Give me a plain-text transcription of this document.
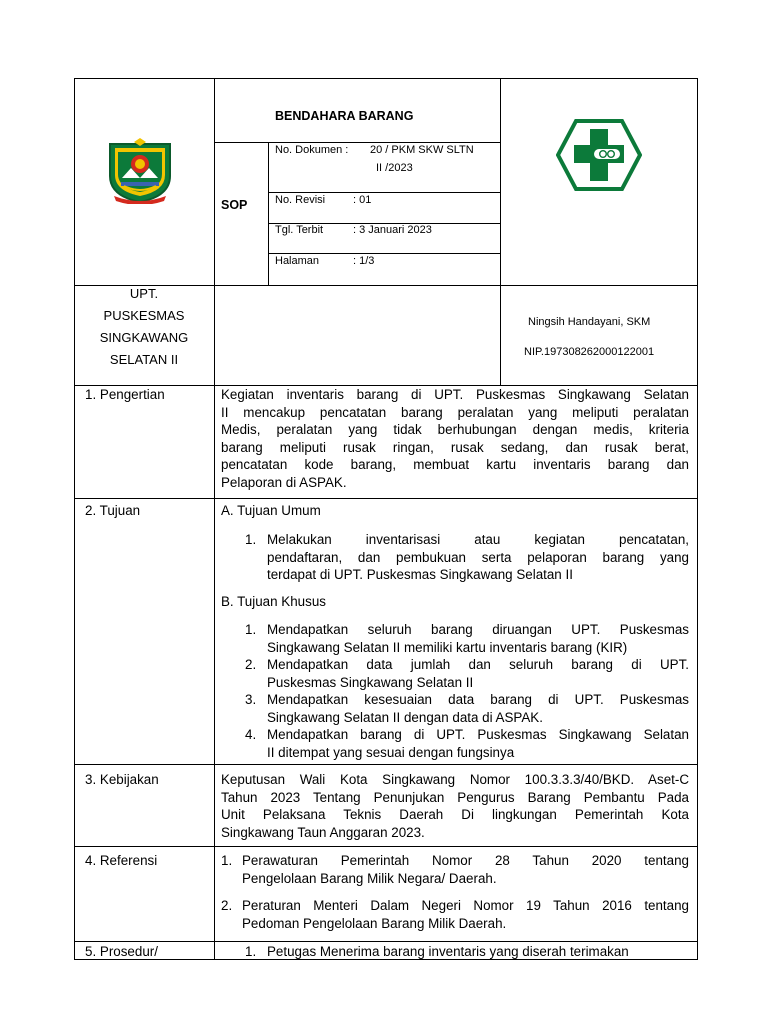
BENDAHARA BARANG
SOP
No. Dokumen : 20 / PKM SKW SLTN
II /2023
No. Revisi	: 01
Tgl. Terbit	: 3 Januari 2023
Halaman	: 1/3
UPT.
PUSKESMAS
SINGKAWANG
SELATAN II
Ningsih Handayani, SKM
NIP.197308262000122001
1. Pengertian	Kegiatan inventaris barang di UPT. Puskesmas Singkawang Selatan
II mencakup pencatatan barang peralatan yang meliputi peralatan
Medis, peralatan yang tidak berhubungan dengan medis, kriteria
barang meliputi rusak ringan, rusak sedang, dan rusak berat,
pencatatan kode barang, membuat kartu inventaris barang dan
Pelaporan di ASPAK.
2. Tujuan	A. Tujuan Umum
1. Melakukan inventarisasi atau kegiatan pencatatan,
pendaftaran, dan pembukuan serta pelaporan barang yang
terdapat di UPT. Puskesmas Singkawang Selatan II
B. Tujuan Khusus
1. Mendapatkan seluruh barang diruangan UPT. Puskesmas
Singkawang Selatan II memiliki kartu inventaris barang (KIR)
2. Mendapatkan data jumlah dan seluruh barang di UPT.
Puskesmas Singkawang Selatan II
3. Mendapatkan kesesuaian data barang di UPT. Puskesmas
Singkawang Selatan II dengan data di ASPAK.
4. Mendapatkan barang di UPT. Puskesmas Singkawang Selatan
II ditempat yang sesuai dengan fungsinya
3. Kebijakan	Keputusan Wali Kota Singkawang Nomor 100.3.3.3/40/BKD. Aset-C
Tahun 2023 Tentang Penunjukan Pengurus Barang Pembantu Pada
Unit Pelaksana Teknis Daerah Di lingkungan Pemerintah Kota
Singkawang Taun Anggaran 2023.
4. Referensi	1. Perawaturan Pemerintah Nomor 28 Tahun 2020 tentang
Pengelolaan Barang Milik Negara/ Daerah.
2. Peraturan Menteri Dalam Negeri Nomor 19 Tahun 2016 tentang
Pedoman Pengelolaan Barang Milik Daerah.
5. Prosedur/	1. Petugas Menerima barang inventaris yang diserah terimakan
